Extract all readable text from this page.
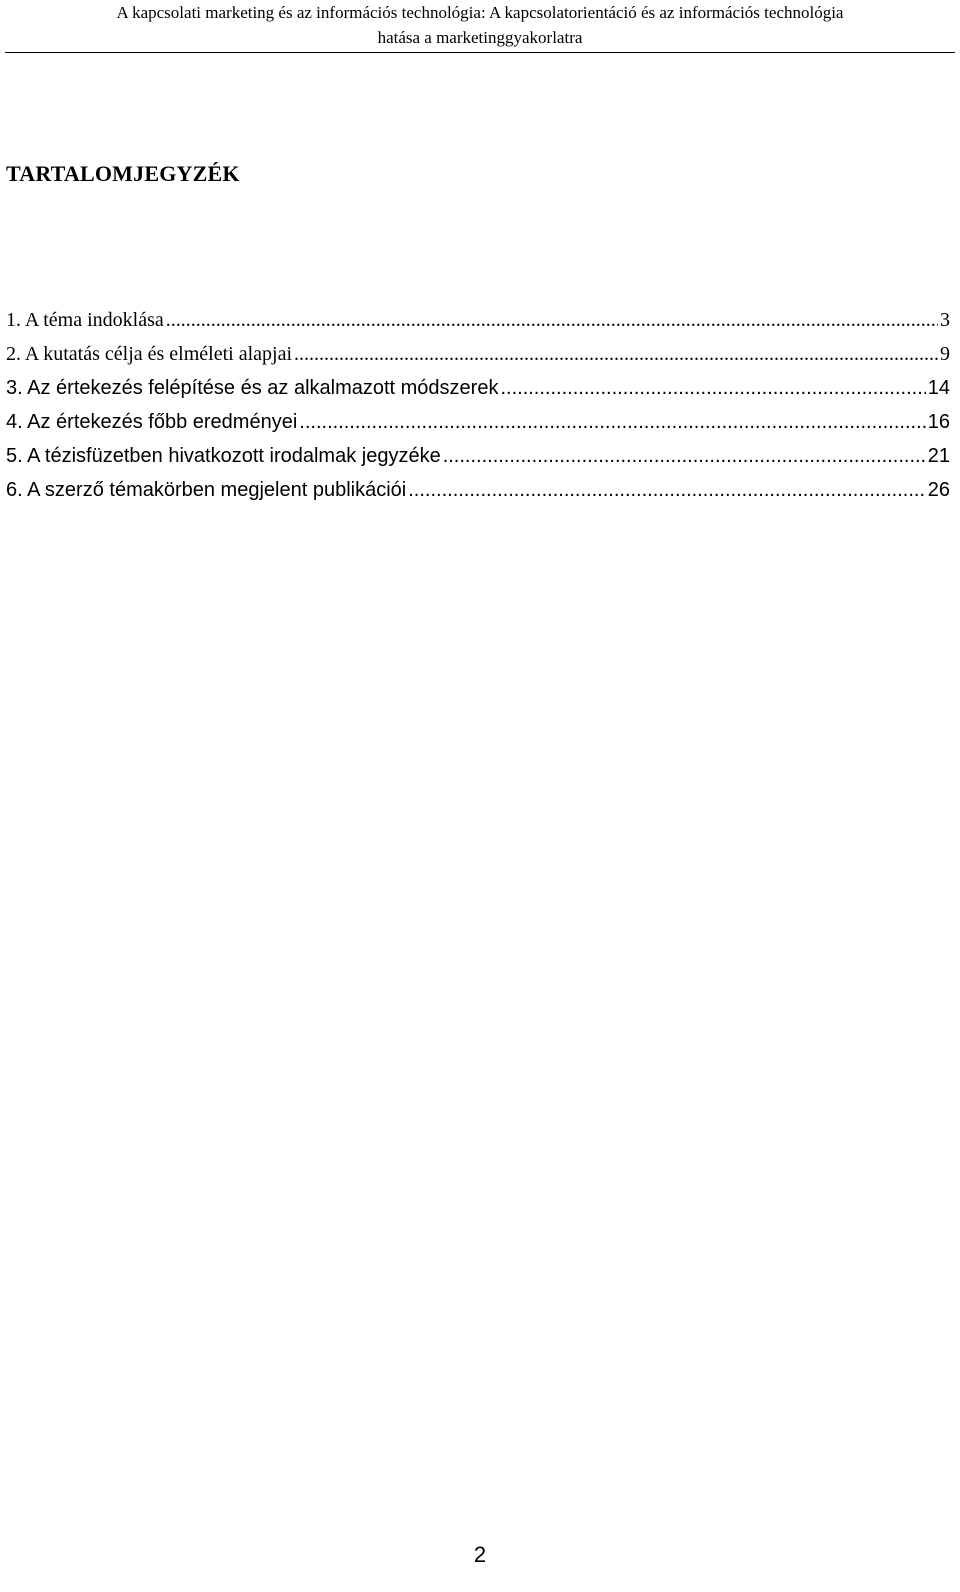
A kapcsolati marketing és az információs technológia: A kapcsolatorientáció és az információs technológia
hatása a marketinggyakorlatra
TARTALOMJEGYZÉK
1. A téma indoklása .....	3
2. A kutatás célja és elméleti alapjai .....	9
3. Az értekezés felépítése és az alkalmazott módszerek .....	14
4. Az értekezés főbb eredményei .....	16
5. A tézisfüzetben hivatkozott irodalmak jegyzéke .....	21
6. A szerző témakörben megjelent publikációi .....	26
2
